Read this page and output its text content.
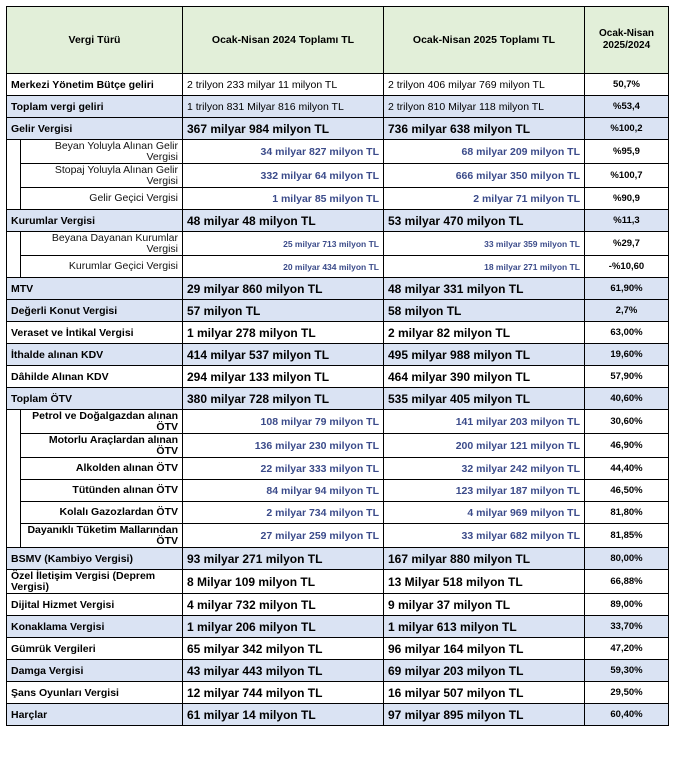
Vergi Türü		Ocak-Nisan 2024 Toplamı TL	Ocak-Nisan 2025 Toplamı TL	Ocak-Nisan 2025/2024
Merkezi Yönetim Bütçe geliri		2 trilyon 233 milyar 11 milyon TL	2 trilyon 406 milyar 769 milyon TL	50,7%
Toplam vergi geliri		1 trilyon 831 Milyar 816 milyon TL	2 trilyon 810 Milyar 118 milyon TL	%53,4
Gelir Vergisi		367 milyar 984 milyon TL	736 milyar 638 milyon TL	%100,2
	Beyan Yoluyla Alınan Gelir Vergisi	34 milyar 827 milyon TL	68 milyar 209 milyon TL	%95,9
	Stopaj Yoluyla Alınan Gelir Vergisi	332 milyar 64 milyon TL	666 milyar 350 milyon TL	%100,7
	Gelir Geçici Vergisi	1 milyar 85 milyon TL	2 milyar 71 milyon TL	%90,9
Kurumlar Vergisi		48 milyar 48 milyon TL	53 milyar 470 milyon TL	%11,3
	Beyana Dayanan Kurumlar Vergisi	25 milyar 713 milyon TL	33 milyar 359 milyon TL	%29,7
	Kurumlar Geçici Vergisi	20 milyar 434 milyon TL	18 milyar 271 milyon TL	-%10,60
MTV		29 milyar 860 milyon TL	48 milyar 331 milyon TL	61,90%
Değerli Konut Vergisi		57 milyon TL	58 milyon TL	2,7%
Veraset ve İntikal Vergisi		1 milyar 278 milyon TL	2 milyar 82 milyon TL	63,00%
İthalde alınan KDV		414 milyar 537 milyon TL	495 milyar 988 milyon TL	19,60%
Dâhilde Alınan KDV		294 milyar 133 milyon TL	464 milyar 390 milyon TL	57,90%
Toplam ÖTV		380 milyar 728 milyon TL	535 milyar 405 milyon TL	40,60%
	Petrol ve Doğalgazdan alınan ÖTV	108 milyar 79 milyon TL	141 milyar 203 milyon TL	30,60%
	Motorlu Araçlardan alınan ÖTV	136 milyar 230 milyon TL	200 milyar 121 milyon TL	46,90%
	Alkolden alınan ÖTV	22 milyar 333 milyon TL	32 milyar 242 milyon TL	44,40%
	Tütünden alınan ÖTV	84 milyar 94 milyon TL	123 milyar 187 milyon TL	46,50%
	Kolalı Gazozlardan ÖTV	2 milyar 734 milyon TL	4 milyar 969 milyon TL	81,80%
	Dayanıklı Tüketim Mallarından ÖTV	27 milyar 259 milyon TL	33 milyar 682 milyon TL	81,85%
BSMV (Kambiyo Vergisi)		93 milyar 271 milyon TL	167 milyar 880 milyon TL	80,00%
Özel İletişim Vergisi (Deprem Vergisi)		8 Milyar 109 milyon TL	13 Milyar 518 milyon TL	66,88%
Dijital Hizmet Vergisi		4 milyar 732 milyon TL	9 milyar 37 milyon TL	89,00%
Konaklama Vergisi		1 milyar 206 milyon TL	1 milyar 613 milyon TL	33,70%
Gümrük Vergileri		65 milyar 342 milyon TL	96 milyar 164 milyon TL	47,20%
Damga Vergisi		43 milyar 443 milyon TL	69 milyar 203 milyon TL	59,30%
Şans Oyunları Vergisi		12 milyar 744 milyon TL	16 milyar 507 milyon TL	29,50%
Harçlar		61 milyar 14 milyon TL	97 milyar 895 milyon TL	60,40%
